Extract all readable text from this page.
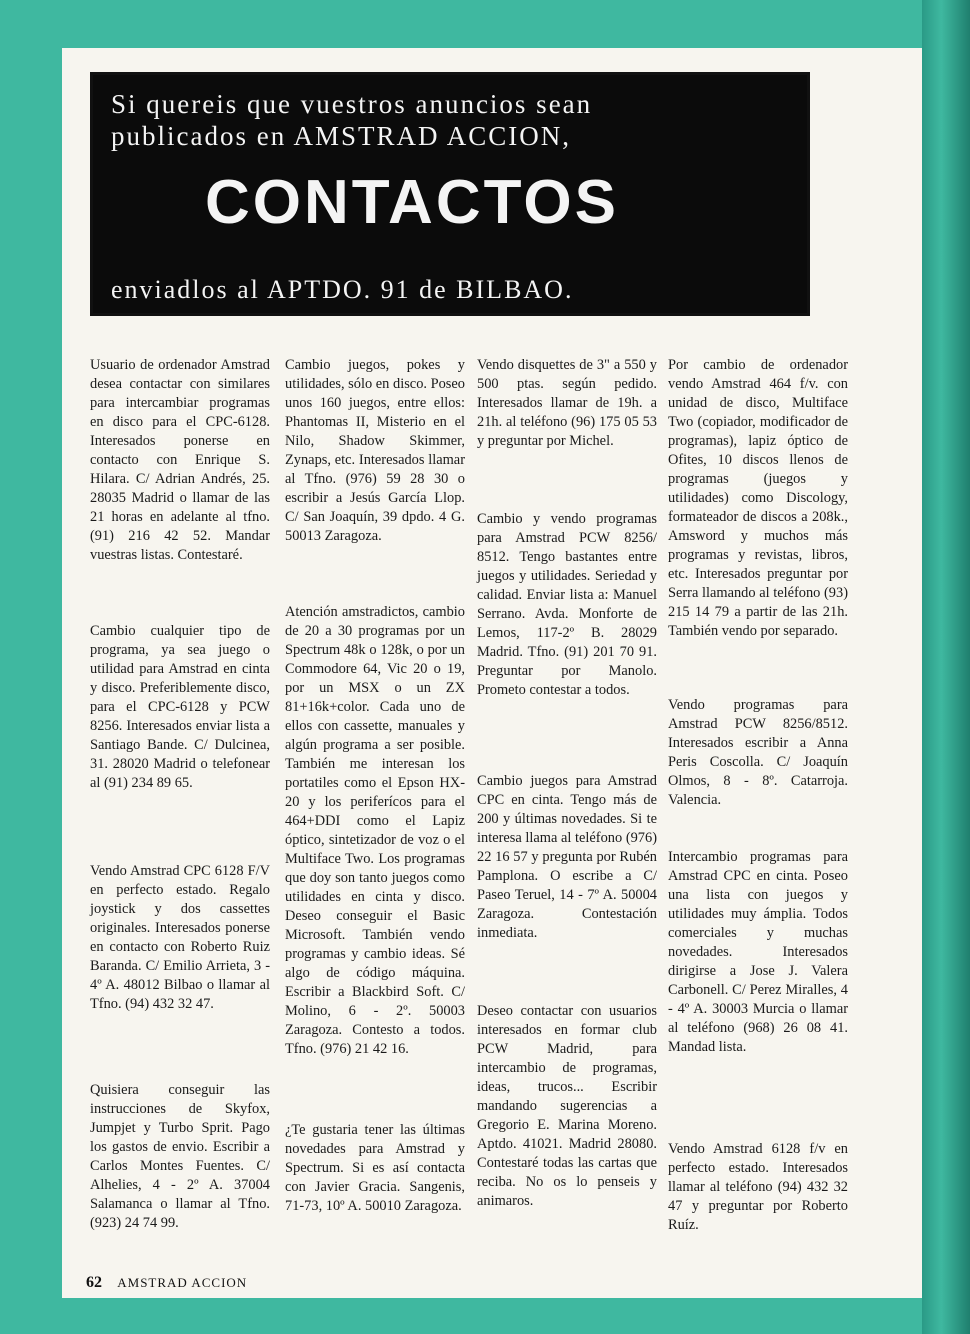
Si quereis que vuestros anuncios sean
publicados en AMSTRAD ACCION,
CONTACTOS
enviadlos al APTDO. 91 de BILBAO.
Usuario de ordenador Amstrad desea contactar con similares para intercambiar programas en disco para el CPC-6128. Interesados ponerse en contacto con Enrique S. Hilara. C/ Adrian Andrés, 25. 28035 Madrid o llamar de las 21 horas en adelante al tfno. (91) 216 42 52. Mandar vuestras listas. Contestaré.
Cambio cualquier tipo de programa, ya sea juego o utilidad para Amstrad en cinta y disco. Preferiblemente disco, para el CPC-6128 y PCW 8256. Interesados enviar lista a Santiago Bande. C/ Dulcinea, 31. 28020 Madrid o telefonear al (91) 234 89 65.
Vendo Amstrad CPC 6128 F/V en perfecto estado. Regalo joystick y dos cassettes originales. Interesados ponerse en contacto con Roberto Ruiz Baranda. C/ Emilio Arrieta, 3 - 4º A. 48012 Bilbao o llamar al Tfno. (94) 432 32 47.
Quisiera conseguir las instrucciones de Skyfox, Jumpjet y Turbo Sprit. Pago los gastos de envio. Escribir a Carlos Montes Fuentes. C/ Alhelies, 4 - 2º A. 37004 Salamanca o llamar al Tfno. (923) 24 74 99.
Cambio juegos, pokes y utilidades, sólo en disco. Poseo unos 160 juegos, entre ellos: Phantomas II, Misterio en el Nilo, Shadow Skimmer, Zynaps, etc. Interesados llamar al Tfno. (976) 59 28 30 o escribir a Jesús García Llop. C/ San Joaquín, 39 dpdo. 4 G. 50013 Zaragoza.
Atención amstradictos, cambio de 20 a 30 programas por un Spectrum 48k o 128k, o por un Commodore 64, Vic 20 o 19, por un MSX o un ZX 81+16k+color. Cada uno de ellos con cassette, manuales y algún programa a ser posible. También me interesan los portatiles como el Epson HX-20 y los periferícos para el 464+DDI como el Lapiz óptico, sintetizador de voz o el Multiface Two. Los programas que doy son tanto juegos como utilidades en cinta y disco. Deseo conseguir el Basic Microsoft. También vendo programas y cambio ideas. Sé algo de código máquina. Escribir a Blackbird Soft. C/ Molino, 6 - 2º. 50003 Zaragoza. Contesto a todos. Tfno. (976) 21 42 16.
¿Te gustaria tener las últimas novedades para Amstrad y Spectrum. Si es así contacta con Javier Gracia. Sangenis, 71-73, 10º A. 50010 Zaragoza.
Vendo disquettes de 3" a 550 y 500 ptas. según pedido. Interesados llamar de 19h. a 21h. al teléfono (96) 175 05 53 y preguntar por Michel.
Cambio y vendo programas para Amstrad PCW 8256/ 8512. Tengo bastantes entre juegos y utilidades. Seriedad y calidad. Enviar lista a: Manuel Serrano. Avda. Monforte de Lemos, 117-2º B. 28029 Madrid. Tfno. (91) 201 70 91. Preguntar por Manolo. Prometo contestar a todos.
Cambio juegos para Amstrad CPC en cinta. Tengo más de 200 y últimas novedades. Si te interesa llama al teléfono (976) 22 16 57 y pregunta por Rubén Pamplona. O escribe a C/ Paseo Teruel, 14 - 7º A. 50004 Zaragoza. Contestación inmediata.
Deseo contactar con usuarios interesados en formar club PCW Madrid, para intercambio de programas, ideas, trucos... Escribir mandando sugerencias a Gregorio E. Marina Moreno. Aptdo. 41021. Madrid 28080. Contestaré todas las cartas que reciba. No os lo penseis y animaros.
Por cambio de ordenador vendo Amstrad 464 f/v. con unidad de disco, Multiface Two (copiador, modificador de programas), lapiz óptico de Ofites, 10 discos llenos de programas (juegos y utilidades) como Discology, formateador de discos a 208k., Amsword y muchos más programas y revistas, libros, etc. Interesados preguntar por Serra llamando al teléfono (93) 215 14 79 a partir de las 21h. También vendo por separado.
Vendo programas para Amstrad PCW 8256/8512. Interesados escribir a Anna Peris Coscolla. C/ Joaquín Olmos, 8 - 8º. Catarroja. Valencia.
Intercambio programas para Amstrad CPC en cinta. Poseo una lista con juegos y utilidades muy ámplia. Todos comerciales y muchas novedades. Interesados dirigirse a Jose J. Valera Carbonell. C/ Perez Miralles, 4 - 4º A. 30003 Murcia o llamar al teléfono (968) 26 08 41. Mandad lista.
Vendo Amstrad 6128 f/v en perfecto estado. Interesados llamar al teléfono (94) 432 32 47 y preguntar por Roberto Ruíz.
62 AMSTRAD ACCION
